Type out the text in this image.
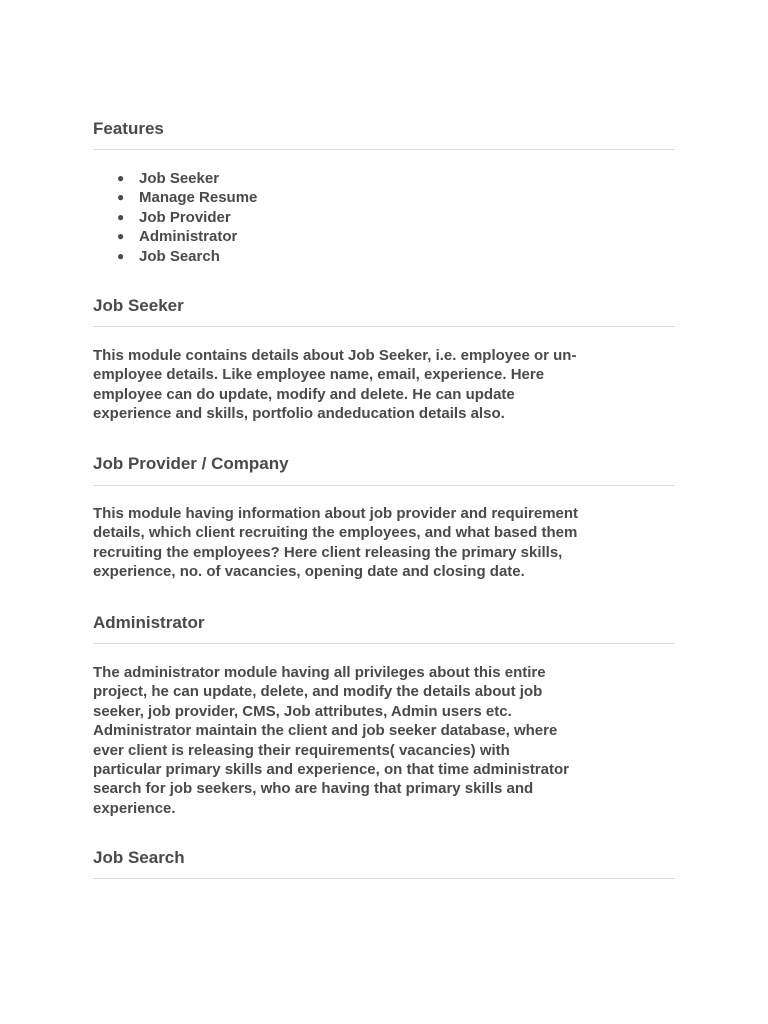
Features
● Job Seeker
● Manage Resume
● Job Provider
● Administrator
● Job Search
Job Seeker

This module contains details about Job Seeker, i.e. employee or un-

employee details. Like employee name, email, experience. Here

employee can do update, modify and delete. He can update

experience and skills, portfolio andeducation details also.

Job Provider / Company

This module having information about job provider and requirement

details, which client recruiting the employees, and what based them

recruiting the employees? Here client releasing the primary skills,

experience, no. of vacancies, opening date and closing date.

Administrator

The administrator module having all privileges about this entire

project, he can update, delete, and modify the details about job

seeker, job provider, CMS, Job attributes, Admin users etc.

Administrator maintain the client and job seeker database, where

ever client is releasing their requirements( vacancies) with

particular primary skills and experience, on that time administrator

search for job seekers, who are having that primary skills and

experience.

Job Search
